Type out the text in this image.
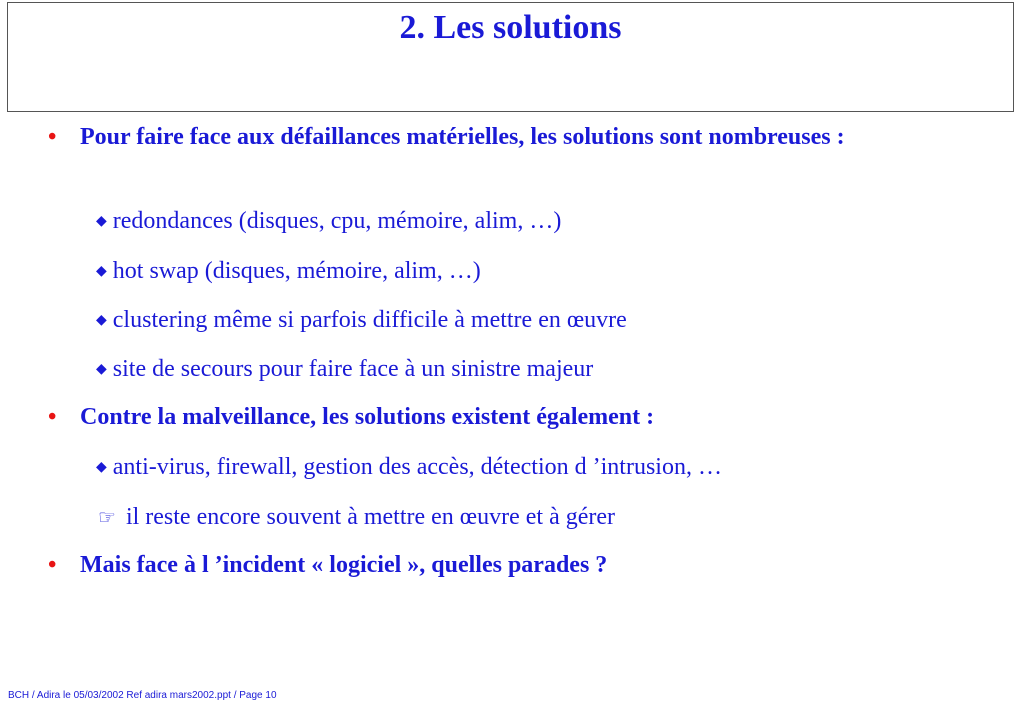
2. Les solutions
• Pour faire face aux défaillances matérielles, les solutions sont nombreuses :
◆ redondances (disques, cpu, mémoire, alim, …)
◆ hot swap (disques, mémoire, alim, …)
◆ clustering même si parfois difficile à mettre en œuvre
◆ site de secours pour faire face à un sinistre majeur
• Contre la malveillance, les solutions existent également :
◆ anti-virus, firewall, gestion des accès, détection d ’intrusion, …
☞ il reste encore souvent à mettre en œuvre et à gérer
• Mais face à l ’incident « logiciel », quelles parades ?
BCH / Adira le 05/03/2002 Ref adira mars2002.ppt / Page 10
